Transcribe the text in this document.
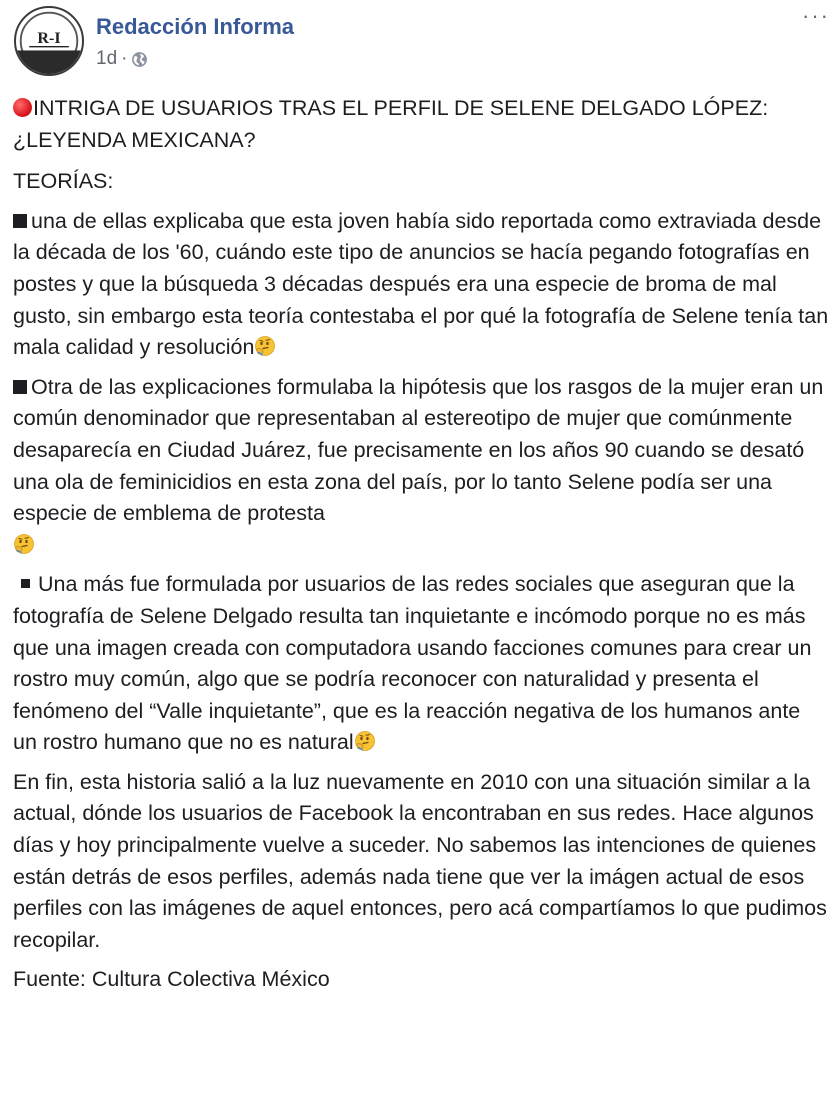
R-I Redacción Informa
1d ·
···

INTRIGA DE USUARIOS TRAS EL PERFIL DE SELENE DELGADO LÓPEZ:
¿LEYENDA MEXICANA?

TEORÍAS:

una de ellas explicaba que esta joven había sido reportada como extraviada desde la década de los '60, cuándo este tipo de anuncios se hacía pegando fotografías en postes y que la búsqueda 3 décadas después era una especie de broma de mal gusto, sin embargo esta teoría contestaba el por qué la fotografía de Selene tenía tan mala calidad y resolución

Otra de las explicaciones formulaba la hipótesis que los rasgos de la mujer eran un común denominador que representaban al estereotipo de mujer que comúnmente desaparecía en Ciudad Juárez, fue precisamente en los años 90 cuando se desató una ola de feminicidios en esta zona del país, por lo tanto Selene podía ser una especie de emblema de protesta

Una más fue formulada por usuarios de las redes sociales que aseguran que la fotografía de Selene Delgado resulta tan inquietante e incómodo porque no es más que una imagen creada con computadora usando facciones comunes para crear un rostro muy común, algo que se podría reconocer con naturalidad y presenta el fenómeno del “Valle inquietante”, que es la reacción negativa de los humanos ante un rostro humano que no es natural

En fin, esta historia salió a la luz nuevamente en 2010 con una situación similar a la actual, dónde los usuarios de Facebook la encontraban en sus redes. Hace algunos días y hoy principalmente vuelve a suceder. No sabemos las intenciones de quienes están detrás de esos perfiles, además nada tiene que ver la imágen actual de esos perfiles con las imágenes de aquel entonces, pero acá compartíamos lo que pudimos recopilar.

Fuente: Cultura Colectiva México
